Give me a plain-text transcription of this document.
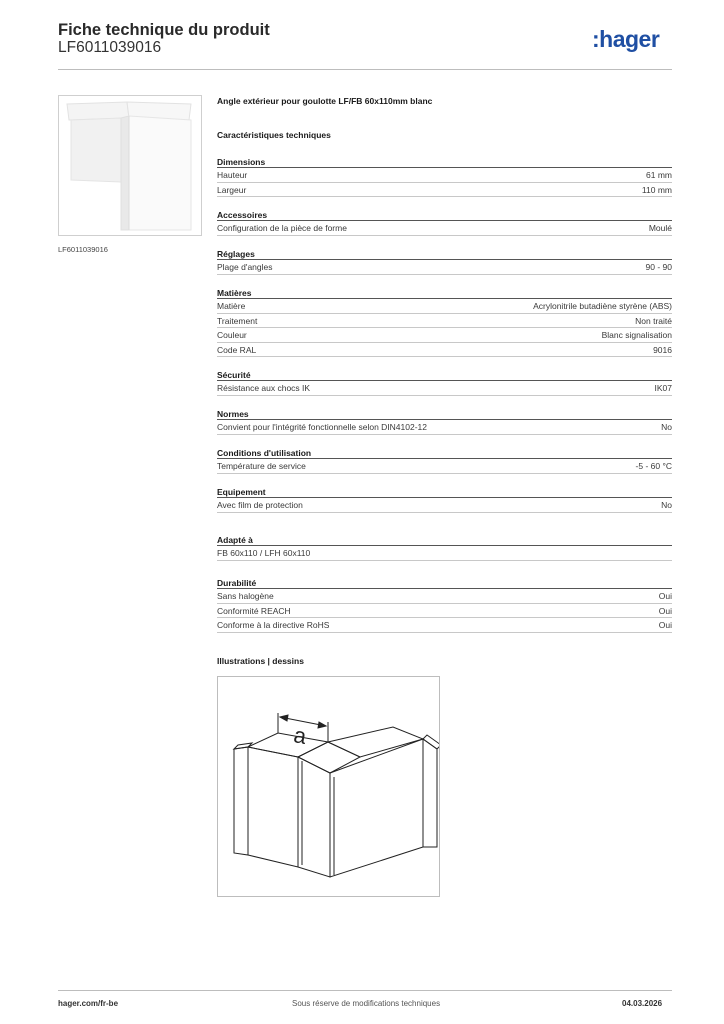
Fiche technique du produit
LF6011039016	:hager
LF6011039016
Angle extérieur pour goulotte LF/FB 60x110mm blanc
Caractéristiques techniques
Dimensions
Hauteur	61 mm
Largeur	110 mm
Accessoires
Configuration de la pièce de forme	Moulé
Réglages
Plage d'angles	90 - 90
Matières
Matière	Acrylonitrile butadiène styrène (ABS)
Traitement	Non traité
Couleur	Blanc signalisation
Code RAL	9016
Sécurité
Résistance aux chocs IK	IK07
Normes
Convient pour l'intégrité fonctionnelle selon DIN4102-12	No
Conditions d'utilisation
Température de service	-5 - 60 °C
Equipement
Avec film de protection	No
Adapté à
FB 60x110 / LFH 60x110
Durabilité
Sans halogène	Oui
Conformité REACH	Oui
Conforme à la directive RoHS	Oui
Illustrations | dessins
a
hager.com/fr-be	Sous réserve de modifications techniques	04.03.2026
